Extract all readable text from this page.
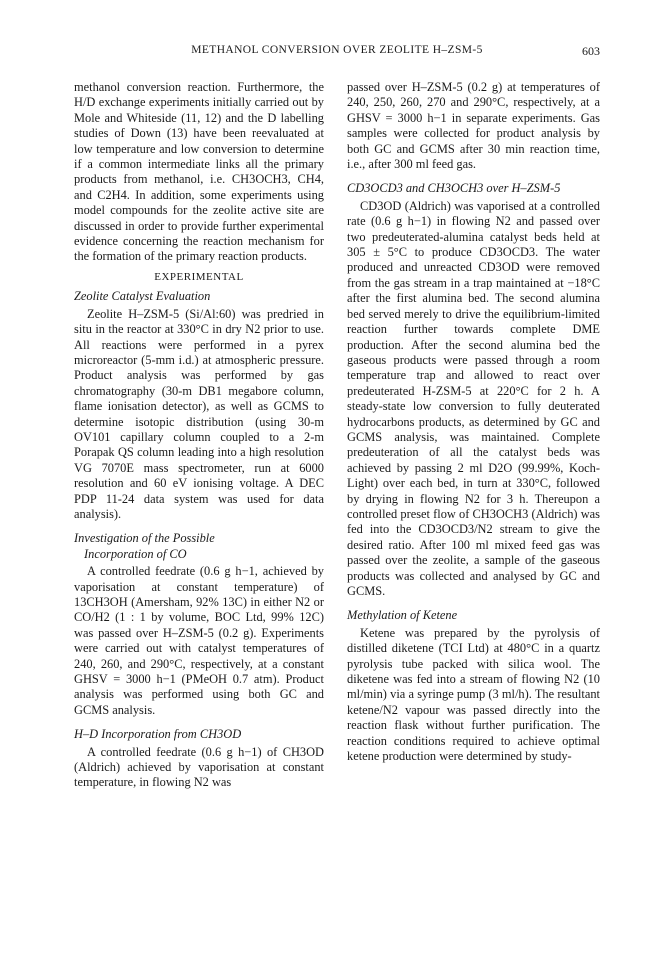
METHANOL CONVERSION OVER ZEOLITE H–ZSM-5	603

methanol conversion reaction. Furthermore, the H/D exchange experiments initially carried out by Mole and Whiteside (11, 12) and the D labelling studies of Down (13) have been reevaluated at low temperature and low conversion to determine if a common intermediate links all the primary products from methanol, i.e. CH3OCH3, CH4, and C2H4. In addition, some experiments using model compounds for the zeolite active site are discussed in order to provide further experimental evidence concerning the reaction mechanism for the formation of the primary reaction products.

EXPERIMENTAL
Zeolite Catalyst Evaluation

Zeolite H–ZSM-5 (Si/Al:60) was predried in situ in the reactor at 330°C in dry N2 prior to use. All reactions were performed in a pyrex microreactor (5-mm i.d.) at atmospheric pressure. Product analysis was performed by gas chromatography (30-m DB1 megabore column, flame ionisation detector), as well as GCMS to determine isotopic distribution (using 30-m OV101 capillary column coupled to a 2-m Porapak QS column leading into a high resolution VG 7070E mass spectrometer, run at 6000 resolution and 60 eV ionising voltage. A DEC PDP 11-24 data system was used for data analysis).

Investigation of the Possible
Incorporation of CO

A controlled feedrate (0.6 g h−1, achieved by vaporisation at constant temperature) of 13CH3OH (Amersham, 92% 13C) in either N2 or CO/H2 (1 : 1 by volume, BOC Ltd, 99% 12C) was passed over H–ZSM-5 (0.2 g). Experiments were carried out with catalyst temperatures of 240, 260, and 290°C, respectively, at a constant GHSV = 3000 h−1 (PMeOH 0.7 atm). Product analysis was performed using both GC and GCMS analysis.

H–D Incorporation from CH3OD

A controlled feedrate (0.6 g h−1) of CH3OD (Aldrich) achieved by vaporisation at constant temperature, in flowing N2 was

passed over H–ZSM-5 (0.2 g) at temperatures of 240, 250, 260, 270 and 290°C, respectively, at a GHSV = 3000 h−1 in separate experiments. Gas samples were collected for product analysis by both GC and GCMS after 30 min reaction time, i.e., after 300 ml feed gas.

CD3OCD3 and CH3OCH3 over H–ZSM-5

CD3OD (Aldrich) was vaporised at a controlled rate (0.6 g h−1) in flowing N2 and passed over two predeuterated-alumina catalyst beds held at 305 ± 5°C to produce CD3OCD3. The water produced and unreacted CD3OD were removed from the gas stream in a trap maintained at −18°C after the first alumina bed. The second alumina bed served merely to drive the equilibrium-limited reaction further towards complete DME production. After the second alumina bed the gaseous products were passed through a room temperature trap and allowed to react over predeuterated H-ZSM-5 at 220°C for 2 h. A steady-state low conversion to fully deuterated hydrocarbons products, as determined by GC and GCMS analysis, was maintained. Complete predeuteration of all the catalyst beds was achieved by passing 2 ml D2O (99.99%, Koch-Light) over each bed, in turn at 330°C, followed by drying in flowing N2 for 3 h. Thereupon a controlled preset flow of CH3OCH3 (Aldrich) was fed into the CD3OCD3/N2 stream to give the desired ratio. After 100 ml mixed feed gas was passed over the zeolite, a sample of the gaseous products was collected and analysed by GC and GCMS.

Methylation of Ketene

Ketene was prepared by the pyrolysis of distilled diketene (TCI Ltd) at 480°C in a quartz pyrolysis tube packed with silica wool. The diketene was fed into a stream of flowing N2 (10 ml/min) via a syringe pump (3 ml/h). The resultant ketene/N2 vapour was passed directly into the reaction flask without further purification. The reaction conditions required to achieve optimal ketene production were determined by study-
